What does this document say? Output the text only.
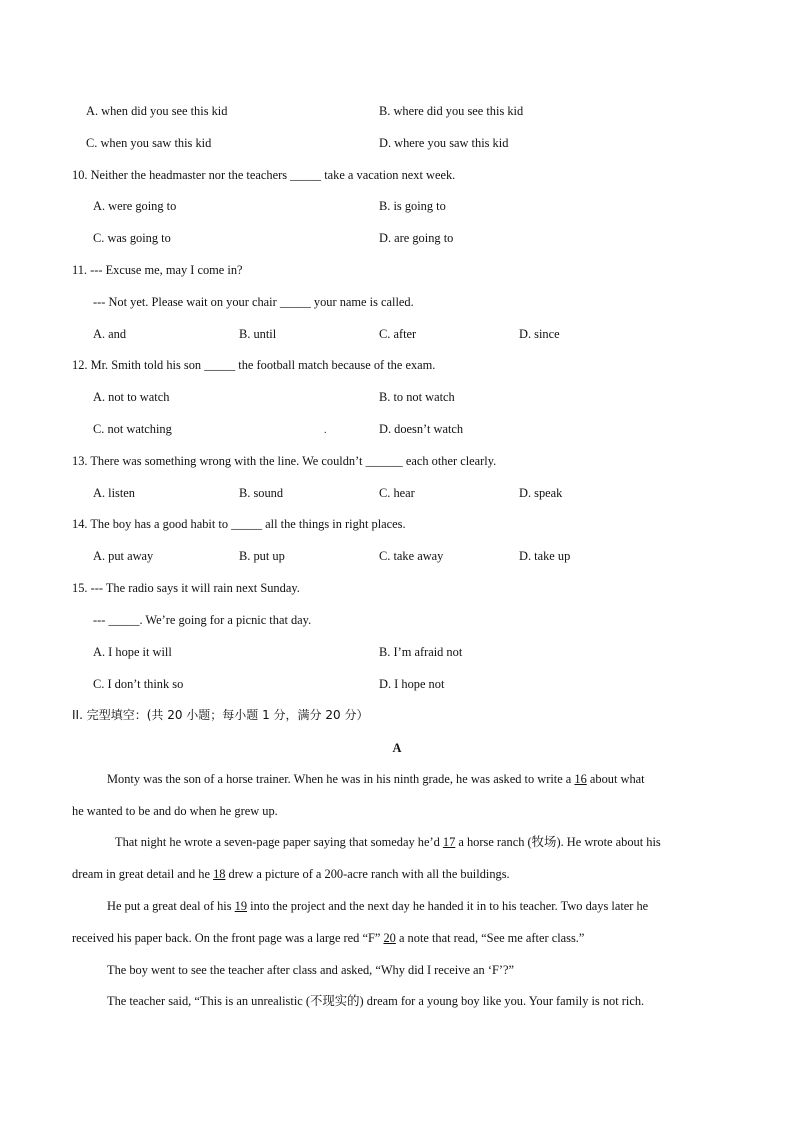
A. when did you see this kid	B. where did you see this kid
C. when you saw this kid	D. where you saw this kid
10. Neither the headmaster nor the teachers _____ take a vacation next week.
A. were going to	B. is going to
C. was going to	D. are going to
11. --- Excuse me, may I come in?
--- Not yet. Please wait on your chair _____ your name is called.
A. and	B. until	C. after	D. since
12. Mr. Smith told his son _____ the football match because of the exam.
A. not to watch	B. to not watch
C. not watching	.	D. doesn’t watch
13. There was something wrong with the line. We couldn’t ______ each other clearly.
A. listen	B. sound	C. hear	D. speak
14. The boy has a good habit to _____ all the things in right places.
A. put away	B. put up	C. take away	D. take up
15. --- The radio says it will rain next Sunday.
--- _____. We’re going for a picnic that day.
A. I hope it will	B. I’m afraid not
C. I don’t think so	D. I hope not
II. 完型填空：(共 20 小题；每小题 1 分，满分 20 分）
A
Monty was the son of a horse trainer. When he was in his ninth grade, he was asked to write a 16 about what
he wanted to be and do when he grew up.
That night he wrote a seven-page paper saying that someday he’d 17 a horse ranch (牧场). He wrote about his
dream in great detail and he 18 drew a picture of a 200-acre ranch with all the buildings.
He put a great deal of his 19 into the project and the next day he handed it in to his teacher. Two days later he
received his paper back. On the front page was a large red “F” 20 a note that read, “See me after class.”
The boy went to see the teacher after class and asked, “Why did I receive an ‘F’?”
The teacher said, “This is an unrealistic (不现实的) dream for a young boy like you. Your family is not rich.
